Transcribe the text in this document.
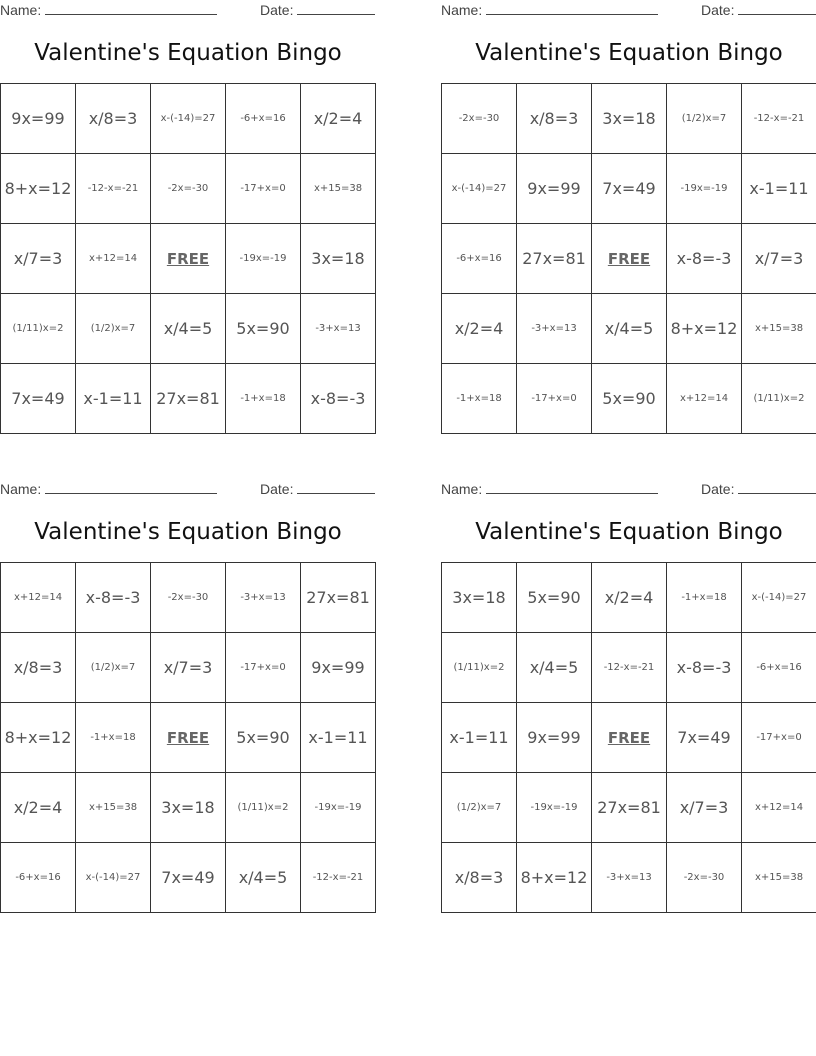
Name:	Date:
Valentine's Equation Bingo
9x=99	x/8=3	x-(-14)=27	-6+x=16	x/2=4
8+x=12	-12-x=-21	-2x=-30	-17+x=0	x+15=38
x/7=3	x+12=14	FREE	-19x=-19	3x=18
(1/11)x=2	(1/2)x=7	x/4=5	5x=90	-3+x=13
7x=49	x-1=11	27x=81	-1+x=18	x-8=-3
Name:	Date:
Valentine's Equation Bingo
-2x=-30	x/8=3	3x=18	(1/2)x=7	-12-x=-21
x-(-14)=27	9x=99	7x=49	-19x=-19	x-1=11
-6+x=16	27x=81	FREE	x-8=-3	x/7=3
x/2=4	-3+x=13	x/4=5	8+x=12	x+15=38
-1+x=18	-17+x=0	5x=90	x+12=14	(1/11)x=2
Name:	Date:
Valentine's Equation Bingo
x+12=14	x-8=-3	-2x=-30	-3+x=13	27x=81
x/8=3	(1/2)x=7	x/7=3	-17+x=0	9x=99
8+x=12	-1+x=18	FREE	5x=90	x-1=11
x/2=4	x+15=38	3x=18	(1/11)x=2	-19x=-19
-6+x=16	x-(-14)=27	7x=49	x/4=5	-12-x=-21
Name:	Date:
Valentine's Equation Bingo
3x=18	5x=90	x/2=4	-1+x=18	x-(-14)=27
(1/11)x=2	x/4=5	-12-x=-21	x-8=-3	-6+x=16
x-1=11	9x=99	FREE	7x=49	-17+x=0
(1/2)x=7	-19x=-19	27x=81	x/7=3	x+12=14
x/8=3	8+x=12	-3+x=13	-2x=-30	x+15=38
